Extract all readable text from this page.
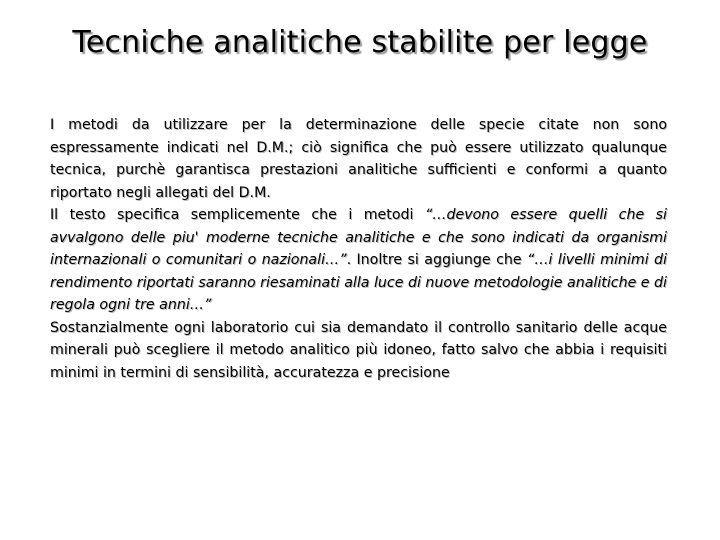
Tecniche analitiche stabilite per legge

I metodi da utilizzare per la determinazione delle specie citate non sono espressamente indicati nel D.M.; ciò significa che può essere utilizzato qualunque tecnica, purchè garantisca prestazioni analitiche sufficienti e conformi a quanto riportato negli allegati del D.M.

Il testo specifica semplicemente che i metodi “…devono essere quelli che si avvalgono delle piu' moderne tecniche analitiche e che sono indicati da organismi internazionali o comunitari o nazionali…”. Inoltre si aggiunge che “…i livelli minimi di rendimento riportati saranno riesaminati alla luce di nuove metodologie analitiche e di regola ogni tre anni…”

Sostanzialmente ogni laboratorio cui sia demandato il controllo sanitario delle acque minerali può scegliere il metodo analitico più idoneo, fatto salvo che abbia i requisiti minimi in termini di sensibilità, accuratezza e precisione
